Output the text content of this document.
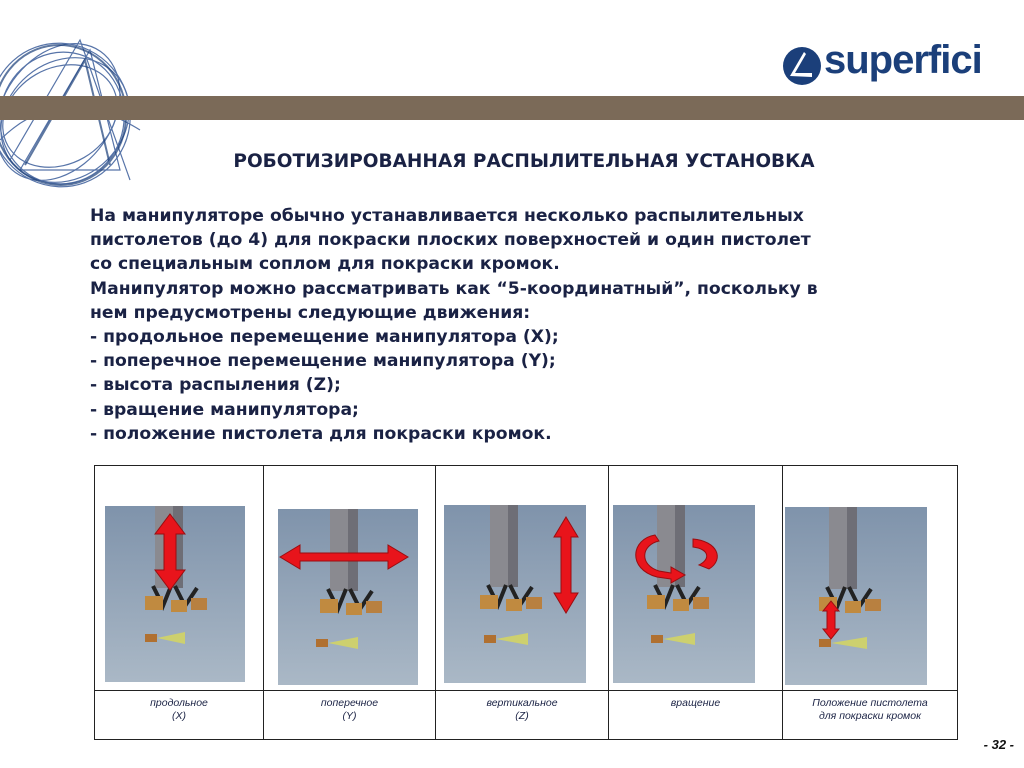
superfici
РОБОТИЗИРОВАННАЯ РАСПЫЛИТЕЛЬНАЯ УСТАНОВКА
На манипуляторе обычно устанавливается несколько распылительных
пистолетов (до 4) для покраски плоских поверхностей и один пистолет
со специальным соплом для покраски кромок.
Манипулятор можно рассматривать как “5-координатный”, поскольку в
нем предусмотрены следующие движения:
- продольное перемещение манипулятора (X);
- поперечное перемещение манипулятора (Y);
- высота распыления (Z);
- вращение манипулятора;
- положение пистолета для покраски кромок.
продольное
(X)
поперечное
(Y)
вертикальное
(Z)
вращение	Положение пистолета
для покраски кромок
- 32 -
